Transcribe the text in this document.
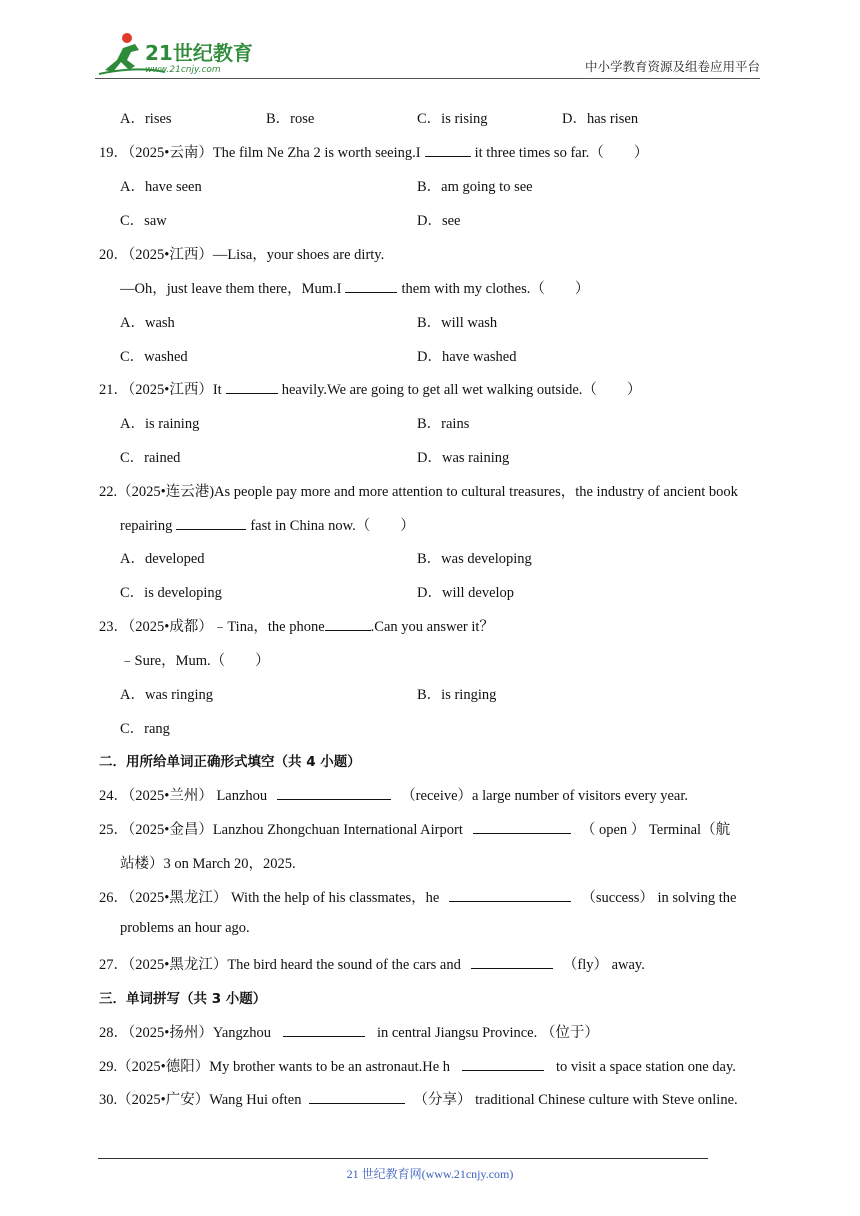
21世纪教育
www.21cnjy.com	中小学教育资源及组卷应用平台
A．rises	B．rose	C．is rising	D．has risen
19．（2025•云南）The film Ne Zha 2 is worth seeing.I	it three times so far.（ ）
A．have seen	B．am going to see
C．saw	D．see
20．（2025•江西）—Lisa，your shoes are dirty.
—Oh，just leave them there，Mum.I	them with my clothes.（ ）
A．wash	B．will wash
C．washed	D．have washed
21．（2025•江西）It	heavily.We are going to get all wet walking outside.（ ）
A．is raining	B．rains
C．rained	D．was raining
22.（2025•连云港)As people pay more and more attention to cultural treasures，the industry of ancient book
repairing	fast in China now.（ ）
A．developed	B．was developing
C．is developing	D．will develop
23．（2025•成都）﹣Tina，the phone	.Can you answer it？
﹣Sure，Mum.（ ）
A．was ringing	B．is ringing
C．rang
二．用所给单词正确形式填空（共 4 小题）
24．（2025•兰州） Lanzhou	（receive）a large number of visitors every year.
25．（2025•金昌）Lanzhou Zhongchuan International Airport	（ open ） Terminal（航
站楼）3 on March 20，2025.
26．（2025•黑龙江） With the help of his classmates，he	（success） in solving the
problems an hour ago.
27．（2025•黑龙江）The bird heard the sound of the cars and	（fly） away.
三．单词拼写（共 3 小题）
28．（2025•扬州）Yangzhou	in central Jiangsu Province. （位于）
29.（2025•德阳）My brother wants to be an astronaut.He h	to visit a space station one day.
30.（2025•广安）Wang Hui often	（分享） traditional Chinese culture with Steve online.
21 世纪教育网(www.21cnjy.com)
